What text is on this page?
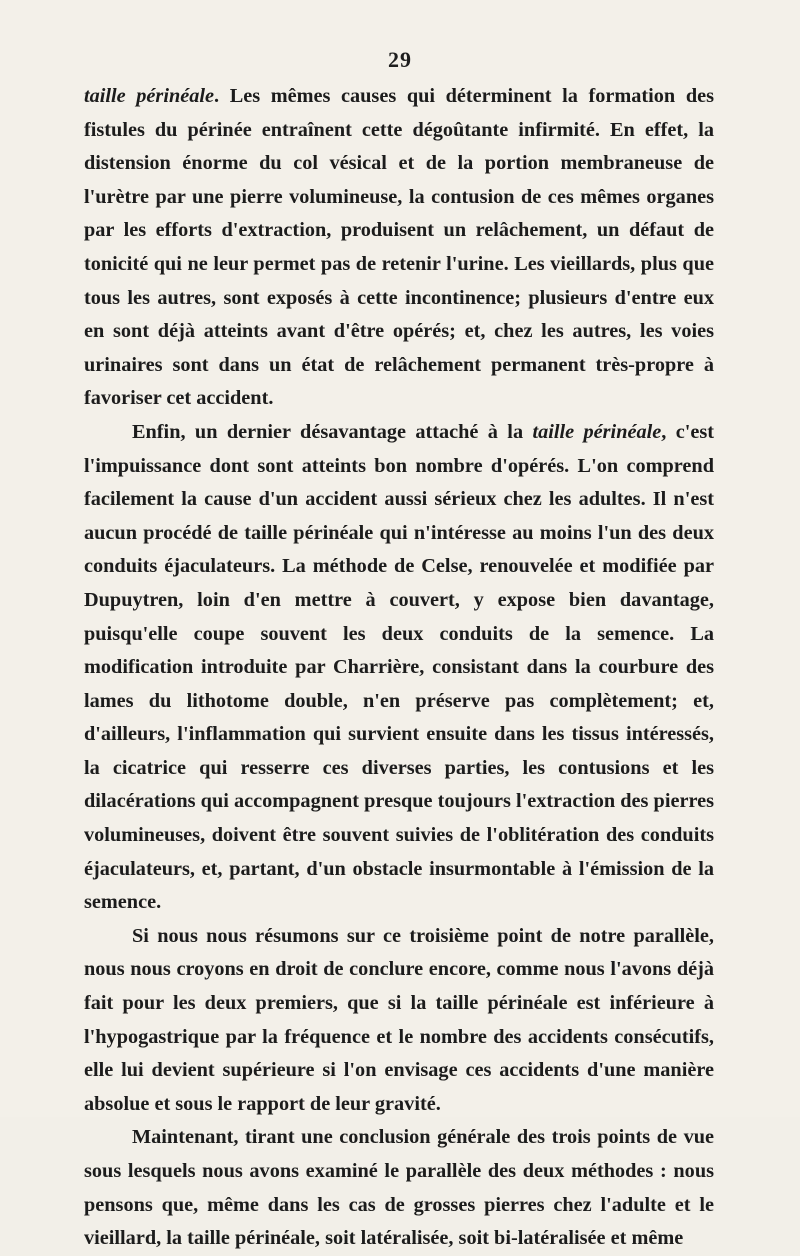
29

taille périnéale. Les mêmes causes qui déterminent la formation des fistules du périnée entraînent cette dégoûtante infirmité. En effet, la distension énorme du col vésical et de la portion membraneuse de l'urètre par une pierre volumineuse, la contusion de ces mêmes organes par les efforts d'extraction, produisent un relâchement, un défaut de tonicité qui ne leur permet pas de retenir l'urine. Les vieillards, plus que tous les autres, sont exposés à cette incontinence; plusieurs d'entre eux en sont déjà atteints avant d'être opérés; et, chez les autres, les voies urinaires sont dans un état de relâchement permanent très-propre à favoriser cet accident.

Enfin, un dernier désavantage attaché à la taille périnéale, c'est l'impuissance dont sont atteints bon nombre d'opérés. L'on comprend facilement la cause d'un accident aussi sérieux chez les adultes. Il n'est aucun procédé de taille périnéale qui n'intéresse au moins l'un des deux conduits éjaculateurs. La méthode de Celse, renouvelée et modifiée par Dupuytren, loin d'en mettre à couvert, y expose bien davantage, puisqu'elle coupe souvent les deux conduits de la semence. La modification introduite par Charrière, consistant dans la courbure des lames du lithotome double, n'en préserve pas complètement; et, d'ailleurs, l'inflammation qui survient ensuite dans les tissus intéressés, la cicatrice qui resserre ces diverses parties, les contusions et les dilacérations qui accompagnent presque toujours l'extraction des pierres volumineuses, doivent être souvent suivies de l'oblitération des conduits éjaculateurs, et, partant, d'un obstacle insurmontable à l'émission de la semence.

Si nous nous résumons sur ce troisième point de notre parallèle, nous nous croyons en droit de conclure encore, comme nous l'avons déjà fait pour les deux premiers, que si la taille périnéale est inférieure à l'hypogastrique par la fréquence et le nombre des accidents consécutifs, elle lui devient supérieure si l'on envisage ces accidents d'une manière absolue et sous le rapport de leur gravité.

Maintenant, tirant une conclusion générale des trois points de vue sous lesquels nous avons examiné le parallèle des deux méthodes : nous pensons que, même dans les cas de grosses pierres chez l'adulte et le vieillard, la taille périnéale, soit latéralisée, soit bi-latéralisée et même
